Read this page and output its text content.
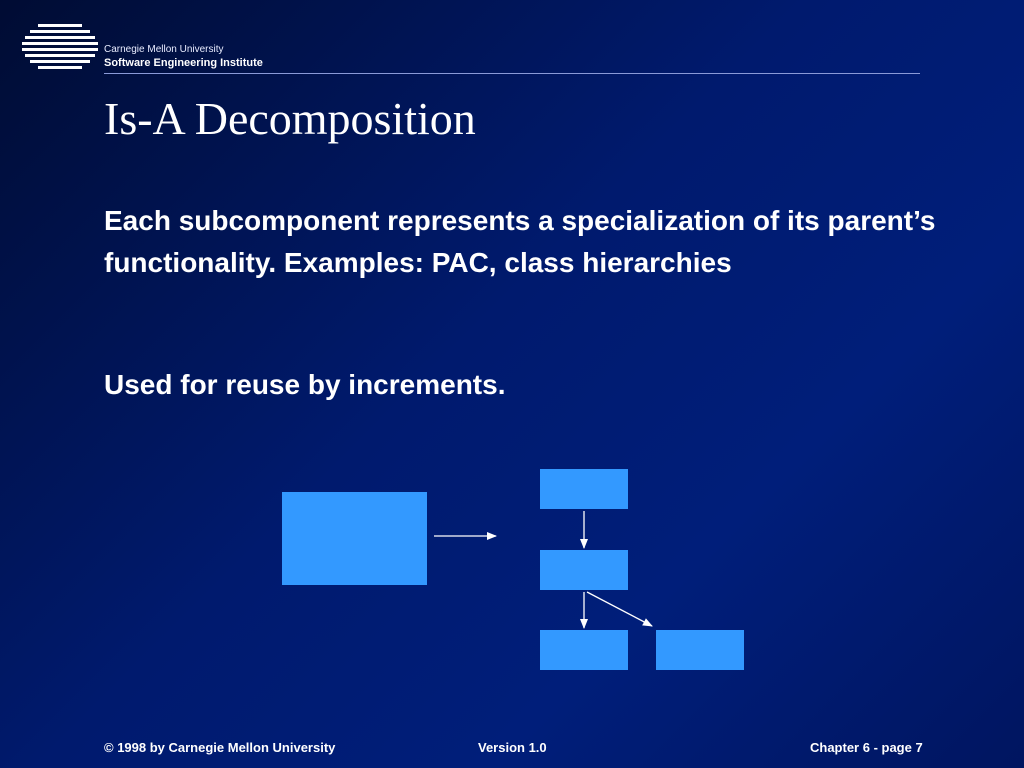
Carnegie Mellon University
Software Engineering Institute
Is-A Decomposition

Each subcomponent represents a specialization of its parent’s functionality. Examples: PAC, class hierarchies

Used for reuse by increments.

© 1998 by Carnegie Mellon University	Version 1.0	Chapter 6 - page 7
